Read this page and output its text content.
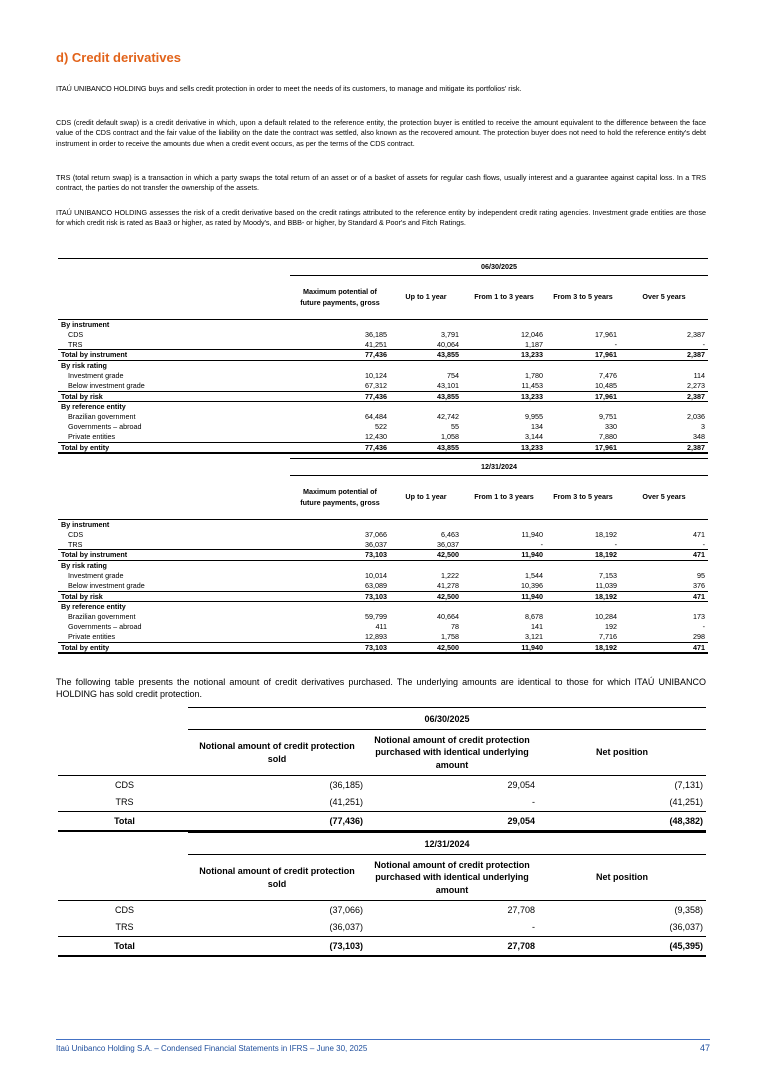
d) Credit derivatives

ITAÚ UNIBANCO HOLDING buys and sells credit protection in order to meet the needs of its customers, to manage and mitigate its portfolios' risk.

CDS (credit default swap) is a credit derivative in which, upon a default related to the reference entity, the protection buyer is entitled to receive the amount equivalent to the difference between the face value of the CDS contract and the fair value of the liability on the date the contract was settled, also known as the recovered amount. The protection buyer does not need to hold the reference entity's debt instrument in order to receive the amounts due when a credit event occurs, as per the terms of the CDS contract.

TRS (total return swap) is a transaction in which a party swaps the total return of an asset or of a basket of assets for regular cash flows, usually interest and a guarantee against capital loss. In a TRS contract, the parties do not transfer the ownership of the assets.

ITAÚ UNIBANCO HOLDING assesses the risk of a credit derivative based on the credit ratings attributed to the reference entity by independent credit rating agencies. Investment grade entities are those for which credit risk is rated as Baa3 or higher, as rated by Moody's, and BBB- or higher, by Standard & Poor's and Fitch Ratings.

	06/30/2025				
	Maximum potential of future payments, gross	Up to 1 year	From 1 to 3 years	From 3 to 5 years	Over 5 years
By instrument					
CDS	36,185	3,791	12,046	17,961	2,387
TRS	41,251	40,064	1,187	-	-
Total by instrument	77,436	43,855	13,233	17,961	2,387
By risk rating					
Investment grade	10,124	754	1,780	7,476	114
Below investment grade	67,312	43,101	11,453	10,485	2,273
Total by risk	77,436	43,855	13,233	17,961	2,387
By reference entity					
Brazilian government	64,484	42,742	9,955	9,751	2,036
Governments – abroad	522	55	134	330	3
Private entities	12,430	1,058	3,144	7,880	348
Total by entity	77,436	43,855	13,233	17,961	2,387
	12/31/2024				
	Maximum potential of future payments, gross	Up to 1 year	From 1 to 3 years	From 3 to 5 years	Over 5 years
By instrument					
CDS	37,066	6,463	11,940	18,192	471
TRS	36,037	36,037	-	-	-
Total by instrument	73,103	42,500	11,940	18,192	471
By risk rating					
Investment grade	10,014	1,222	1,544	7,153	95
Below investment grade	63,089	41,278	10,396	11,039	376
Total by risk	73,103	42,500	11,940	18,192	471
By reference entity					
Brazilian government	59,799	40,664	8,678	10,284	173
Governments – abroad	411	78	141	192	-
Private entities	12,893	1,758	3,121	7,716	298
Total by entity	73,103	42,500	11,940	18,192	471

The following table presents the notional amount of credit derivatives purchased. The underlying amounts are identical to those for which ITAÚ UNIBANCO HOLDING has sold credit protection.

	06/30/2025		
	Notional amount of credit protection sold	Notional amount of credit protection purchased with identical underlying amount	Net position
CDS	(36,185)	29,054	(7,131)
TRS	(41,251)	-	(41,251)
Total	(77,436)	29,054	(48,382)
	12/31/2024		
	Notional amount of credit protection sold	Notional amount of credit protection purchased with identical underlying amount	Net position
CDS	(37,066)	27,708	(9,358)
TRS	(36,037)	-	(36,037)
Total	(73,103)	27,708	(45,395)
Itaú Unibanco Holding S.A. – Condensed Financial Statements in IFRS – June 30, 2025	47
